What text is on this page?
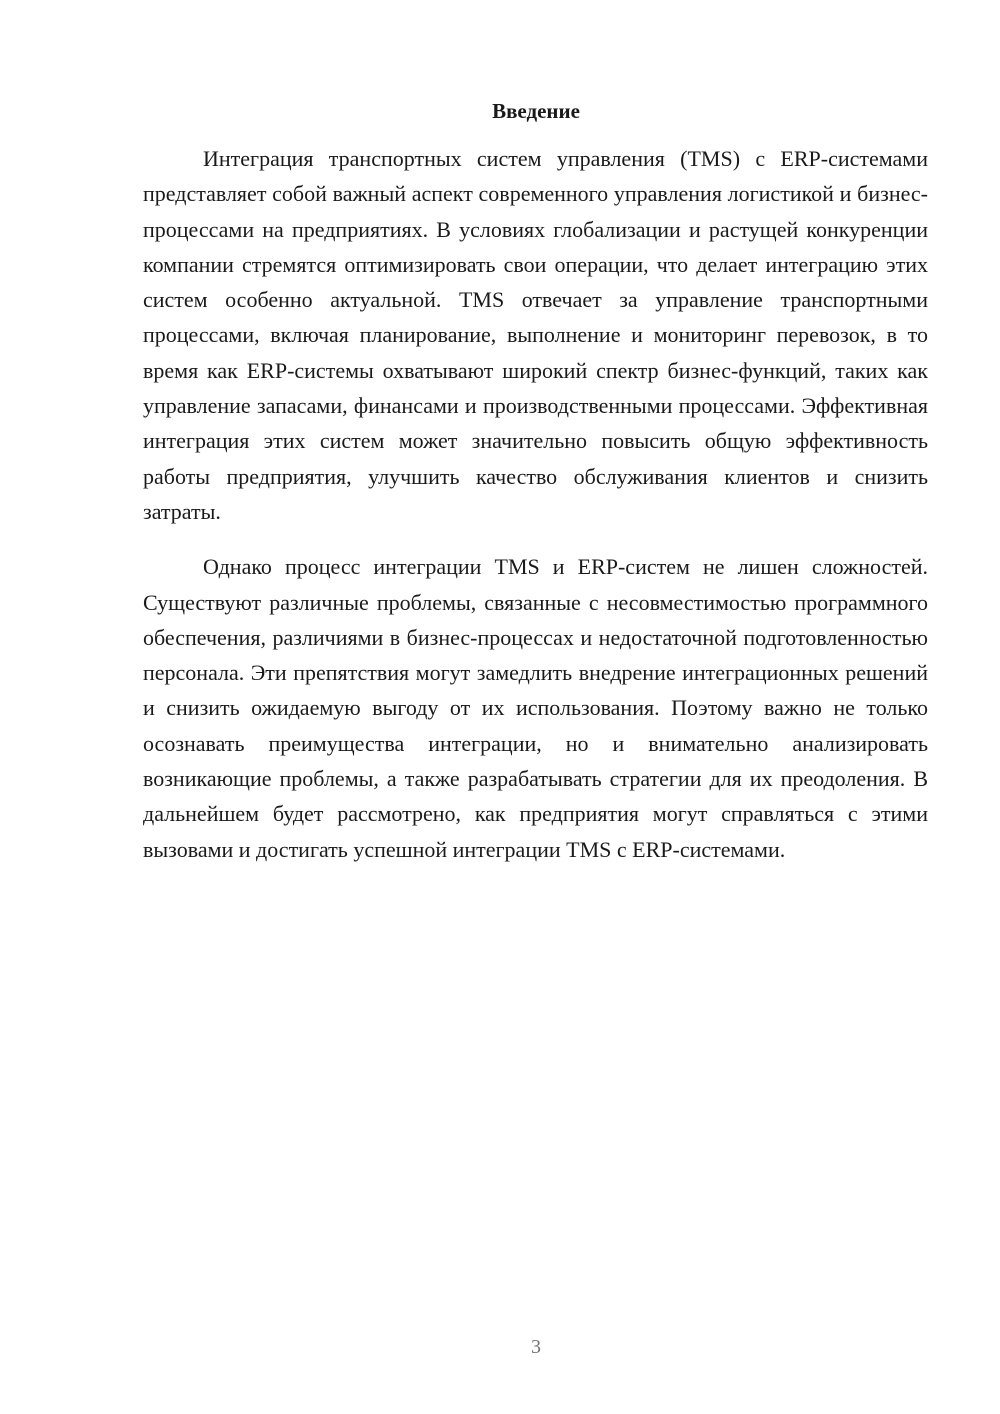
Введение

Интеграция транспортных систем управления (TMS) с ERP-системами представляет собой важный аспект современного управления логистикой и бизнес-процессами на предприятиях. В условиях глобализации и растущей конкуренции компании стремятся оптимизировать свои операции, что делает интеграцию этих систем особенно актуальной. TMS отвечает за управление транспортными процессами, включая планирование, выполнение и мониторинг перевозок, в то время как ERP-системы охватывают широкий спектр бизнес-функций, таких как управление запасами, финансами и производственными процессами. Эффективная интеграция этих систем может значительно повысить общую эффективность работы предприятия, улучшить качество обслуживания клиентов и снизить затраты.

Однако процесс интеграции TMS и ERP-систем не лишен сложностей. Существуют различные проблемы, связанные с несовместимостью программного обеспечения, различиями в бизнес-процессах и недостаточной подготовленностью персонала. Эти препятствия могут замедлить внедрение интеграционных решений и снизить ожидаемую выгоду от их использования. Поэтому важно не только осознавать преимущества интеграции, но и внимательно анализировать возникающие проблемы, а также разрабатывать стратегии для их преодоления. В дальнейшем будет рассмотрено, как предприятия могут справляться с этими вызовами и достигать успешной интеграции TMS с ERP-системами.

3
